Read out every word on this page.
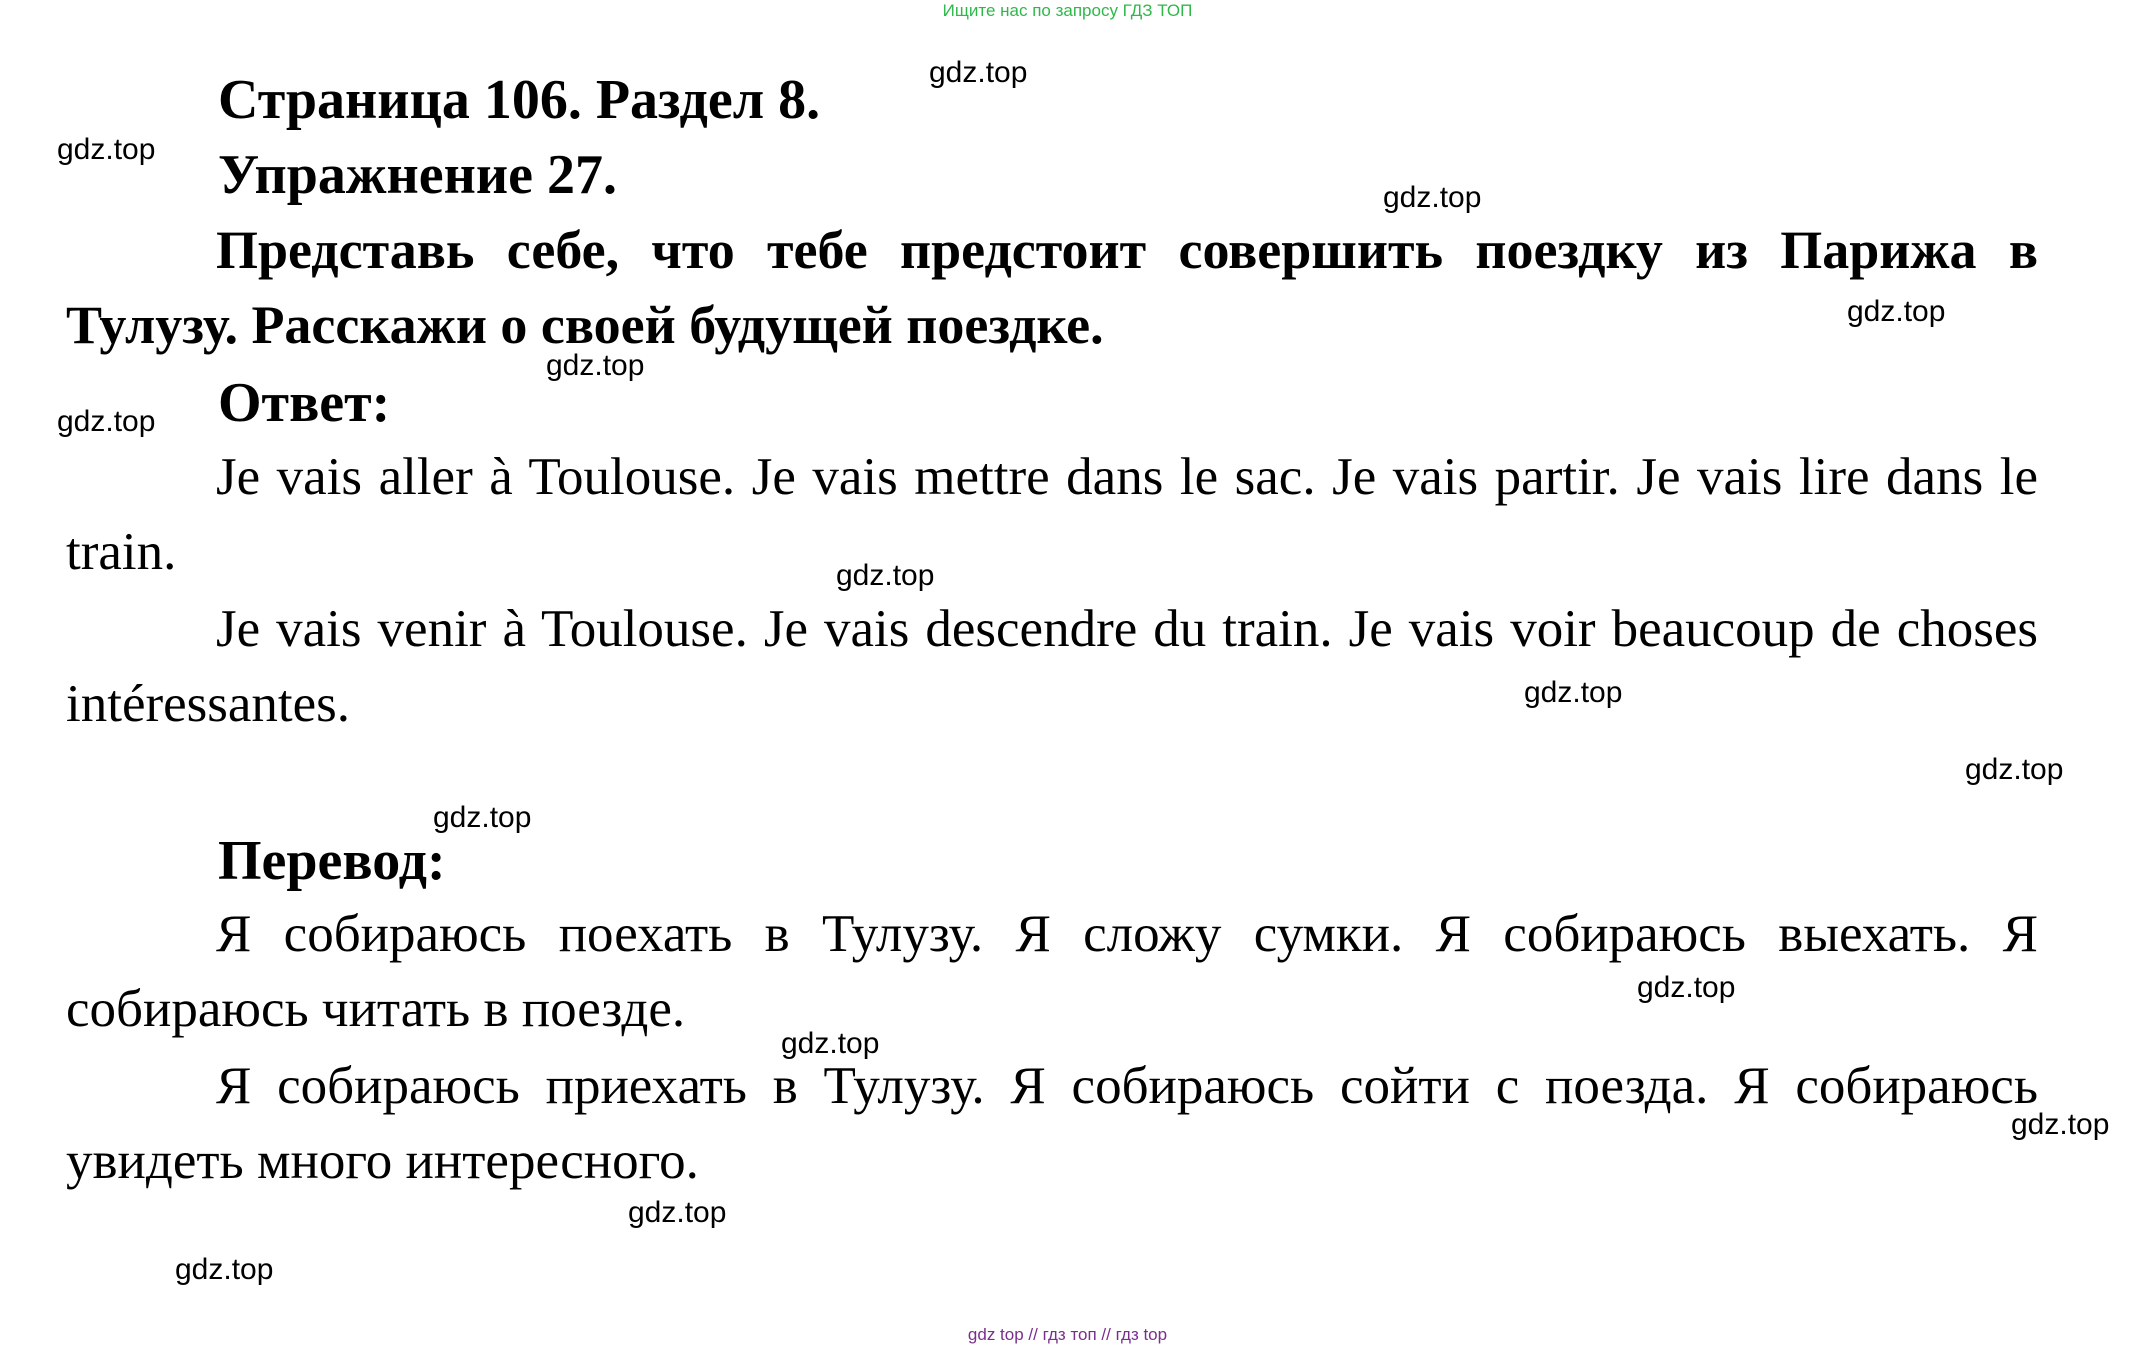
Ищите нас по запросу ГДЗ ТОП
Страница 106. Раздел 8.
Упражнение 27.

Представь себе, что тебе предстоит совершить поездку из Парижа в Тулузу. Расскажи о своей будущей поездке.

Ответ:

Je vais aller à Toulouse. Je vais mettre dans le sac. Je vais partir. Je vais lire dans le train.

Je vais venir à Toulouse. Je vais descendre du train. Je vais voir beaucoup de choses intéressantes.

Перевод:

Я собираюсь поехать в Тулузу. Я сложу сумки. Я собираюсь выехать. Я собираюсь читать в поезде.

Я собираюсь приехать в Тулузу. Я собираюсь сойти с поезда. Я собираюсь увидеть много интересного.

gdz.top
gdz.top
gdz.top
gdz.top
gdz.top
gdz.top
gdz.top
gdz.top
gdz.top
gdz.top
gdz.top
gdz.top
gdz.top
gdz.top
gdz.top
gdz top // гдз топ // гдз top
